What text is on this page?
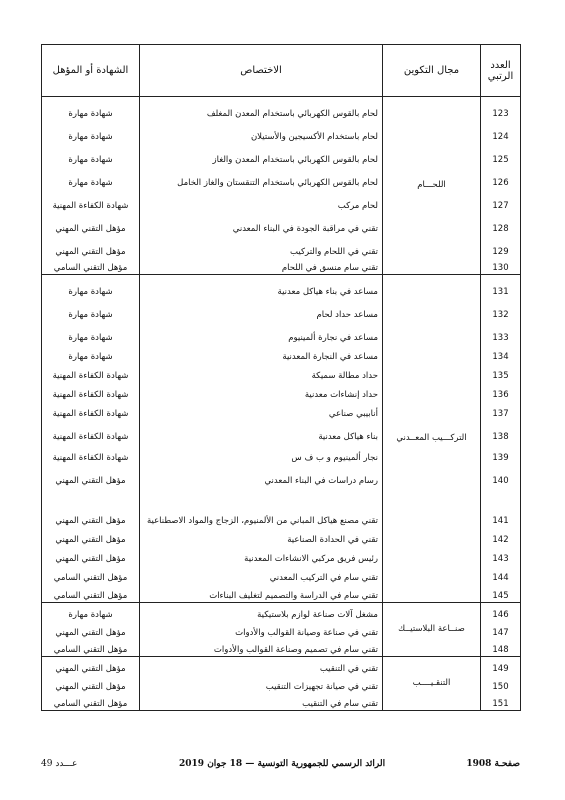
العدد الرتبي	مجال التكوين	الاختصاص	الشهادة أو المؤهل
123	اللحـــام	لحام بالقوس الكهربائي باستخدام المعدن المغلف	شهادة مهارة
124		لحام باستخدام الأكسيجين والأستيلان	شهادة مهارة
125		لحام بالقوس الكهربائي باستخدام المعدن والغاز	شهادة مهارة
126		لحام بالقوس الكهربائي باستخدام التنقستان والغاز الخامل	شهادة مهارة
127		لحام مركب	شهادة الكفاءة المهنية
128		تقني في مراقبة الجودة في البناء المعدني	مؤهل التقني المهني
129		تقني في اللحام والتركيب	مؤهل التقني المهني
130		تقني سام منسق في اللحام	مؤهل التقني السامي
131	التركـــيب المعــدني	مساعد في بناء هياكل معدنية	شهادة مهارة
132		مساعد حداد لحام	شهادة مهارة
133		مساعد في نجارة ألمينيوم	شهادة مهارة
134		مساعد في النجارة المعدنية	شهادة مهارة
135		حداد مطالة سميكة	شهادة الكفاءة المهنية
136		حداد إنشاءات معدنية	شهادة الكفاءة المهنية
137		أنابيبي صناعي	شهادة الكفاءة المهنية
138		بناء هياكل معدنية	شهادة الكفاءة المهنية
139		نجار ألمينيوم و ب ف س	شهادة الكفاءة المهنية
140		رسام دراسات في البناء المعدني	مؤهل التقني المهني
141		تقني مصنع هياكل المباني من الألمنيوم، الزجاج والمواد الاصطناعية	مؤهل التقني المهني
142		تقني في الحدادة الصناعية	مؤهل التقني المهني
143		رئيس فريق مركبي الانشاءات المعدنية	مؤهل التقني المهني
144		تقني سام في التركيب المعدني	مؤهل التقني السامي
145		تقني سام في الدراسة والتصميم لتغليف البناءات	مؤهل التقني السامي
146	صنــاعة البلاستيــك	مشغل آلات صناعة لوازم بلاستيكية	شهادة مهارة
147		تقني في صناعة وصيانة القوالب والأدوات	مؤهل التقني المهني
148		تقني سام في تصميم وصناعة القوالب والأدوات	مؤهل التقني السامي
149	التنقـيــــب	تقني في التنقيب	مؤهل التقني المهني
150		تقني في صيانة تجهيزات التنقيب	مؤهل التقني المهني
151		تقني سام في التنقيب	مؤهل التقني السامي
عـــدد 49	الرائد الرسمي للجمهورية التونسية — 18 جوان 2019	صفحـة 1908
